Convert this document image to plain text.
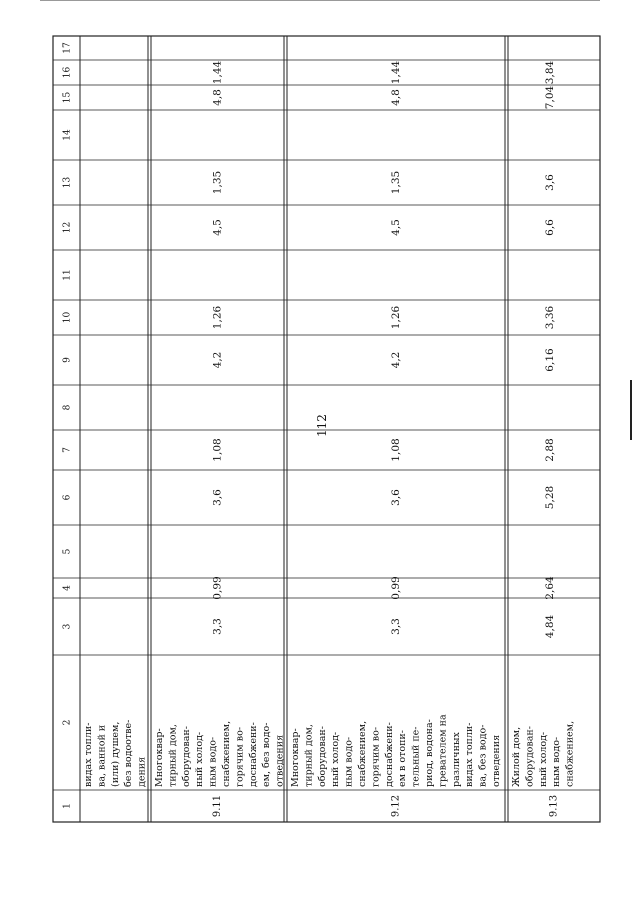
112
1
2
3
4
5
6
7
8
9
10
11
12
13
14
15
16
17
видах топли- ва, ванной и (или) душем, без водоотве- дения
9.11
Многоквар- тирный дом, оборудован- ный холод- ным водо- снабжением, горячим во- доснабжени- ем, без водо- отведения
3,3
0,99
3,6
1,08
4,2
1,26
4,5
1,35
4,8
1,44
9.12
Многоквар- тирный дом, оборудован- ный холод- ным водо- снабжением, горячим во- доснабжени- ем в отопи- тельный пе- риод, водона- гревателем на различных видах топли- ва, без водо- отведения
3,3
0,99
3,6
1,08
4,2
1,26
4,5
1,35
4,8
1,44
9.13
Жилой дом, оборудован- ный холод- ным водо- снабжением,
4,84
2,64
5,28
2,88
6,16
3,36
6,6
3,6
7,04
3,84
